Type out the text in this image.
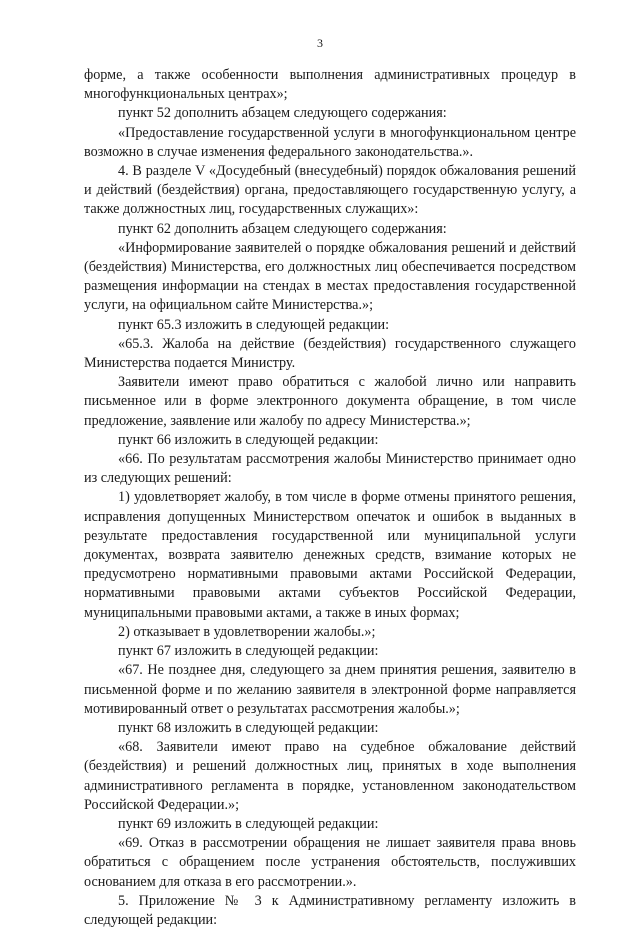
3

форме, а также особенности выполнения административных процедур в многофункциональных центрах»;

пункт 52 дополнить абзацем следующего содержания:

«Предоставление государственной услуги в многофункциональном центре возможно в случае изменения федерального законодательства.».

4. В разделе V «Досудебный (внесудебный) порядок обжалования решений и действий (бездействия) органа, предоставляющего государственную услугу, а также должностных лиц, государственных служащих»:

пункт 62 дополнить абзацем следующего содержания:

«Информирование заявителей о порядке обжалования решений и действий (бездействия) Министерства, его должностных лиц обеспечивается посредством размещения информации на стендах в местах предоставления государственной услуги, на официальном сайте Министерства.»;

пункт 65.3 изложить в следующей редакции:

«65.3. Жалоба на действие (бездействия) государственного служащего Министерства подается Министру.

Заявители имеют право обратиться с жалобой лично или направить письменное или в форме электронного документа обращение, в том числе предложение, заявление или жалобу по адресу Министерства.»;

пункт 66 изложить в следующей редакции:

«66. По результатам рассмотрения жалобы Министерство принимает одно из следующих решений:

1) удовлетворяет жалобу, в том числе в форме отмены принятого решения, исправления допущенных Министерством опечаток и ошибок в выданных в результате предоставления государственной или муниципальной услуги документах, возврата заявителю денежных средств, взимание которых не предусмотрено нормативными правовыми актами Российской Федерации, нормативными правовыми актами субъектов Российской Федерации, муниципальными правовыми актами, а также в иных формах;

2) отказывает в удовлетворении жалобы.»;

пункт 67 изложить в следующей редакции:

«67. Не позднее дня, следующего за днем принятия решения, заявителю в письменной форме и по желанию заявителя в электронной форме направляется мотивированный ответ о результатах рассмотрения жалобы.»;

пункт 68 изложить в следующей редакции:

«68. Заявители имеют право на судебное обжалование действий (бездействия) и решений должностных лиц, принятых в ходе выполнения административного регламента в порядке, установленном законодательством Российской Федерации.»;

пункт 69 изложить в следующей редакции:

«69. Отказ в рассмотрении обращения не лишает заявителя права вновь обратиться с обращением после устранения обстоятельств, послуживших основанием для отказа в его рассмотрении.».

5. Приложение № 3 к Административному регламенту изложить в следующей редакции:
